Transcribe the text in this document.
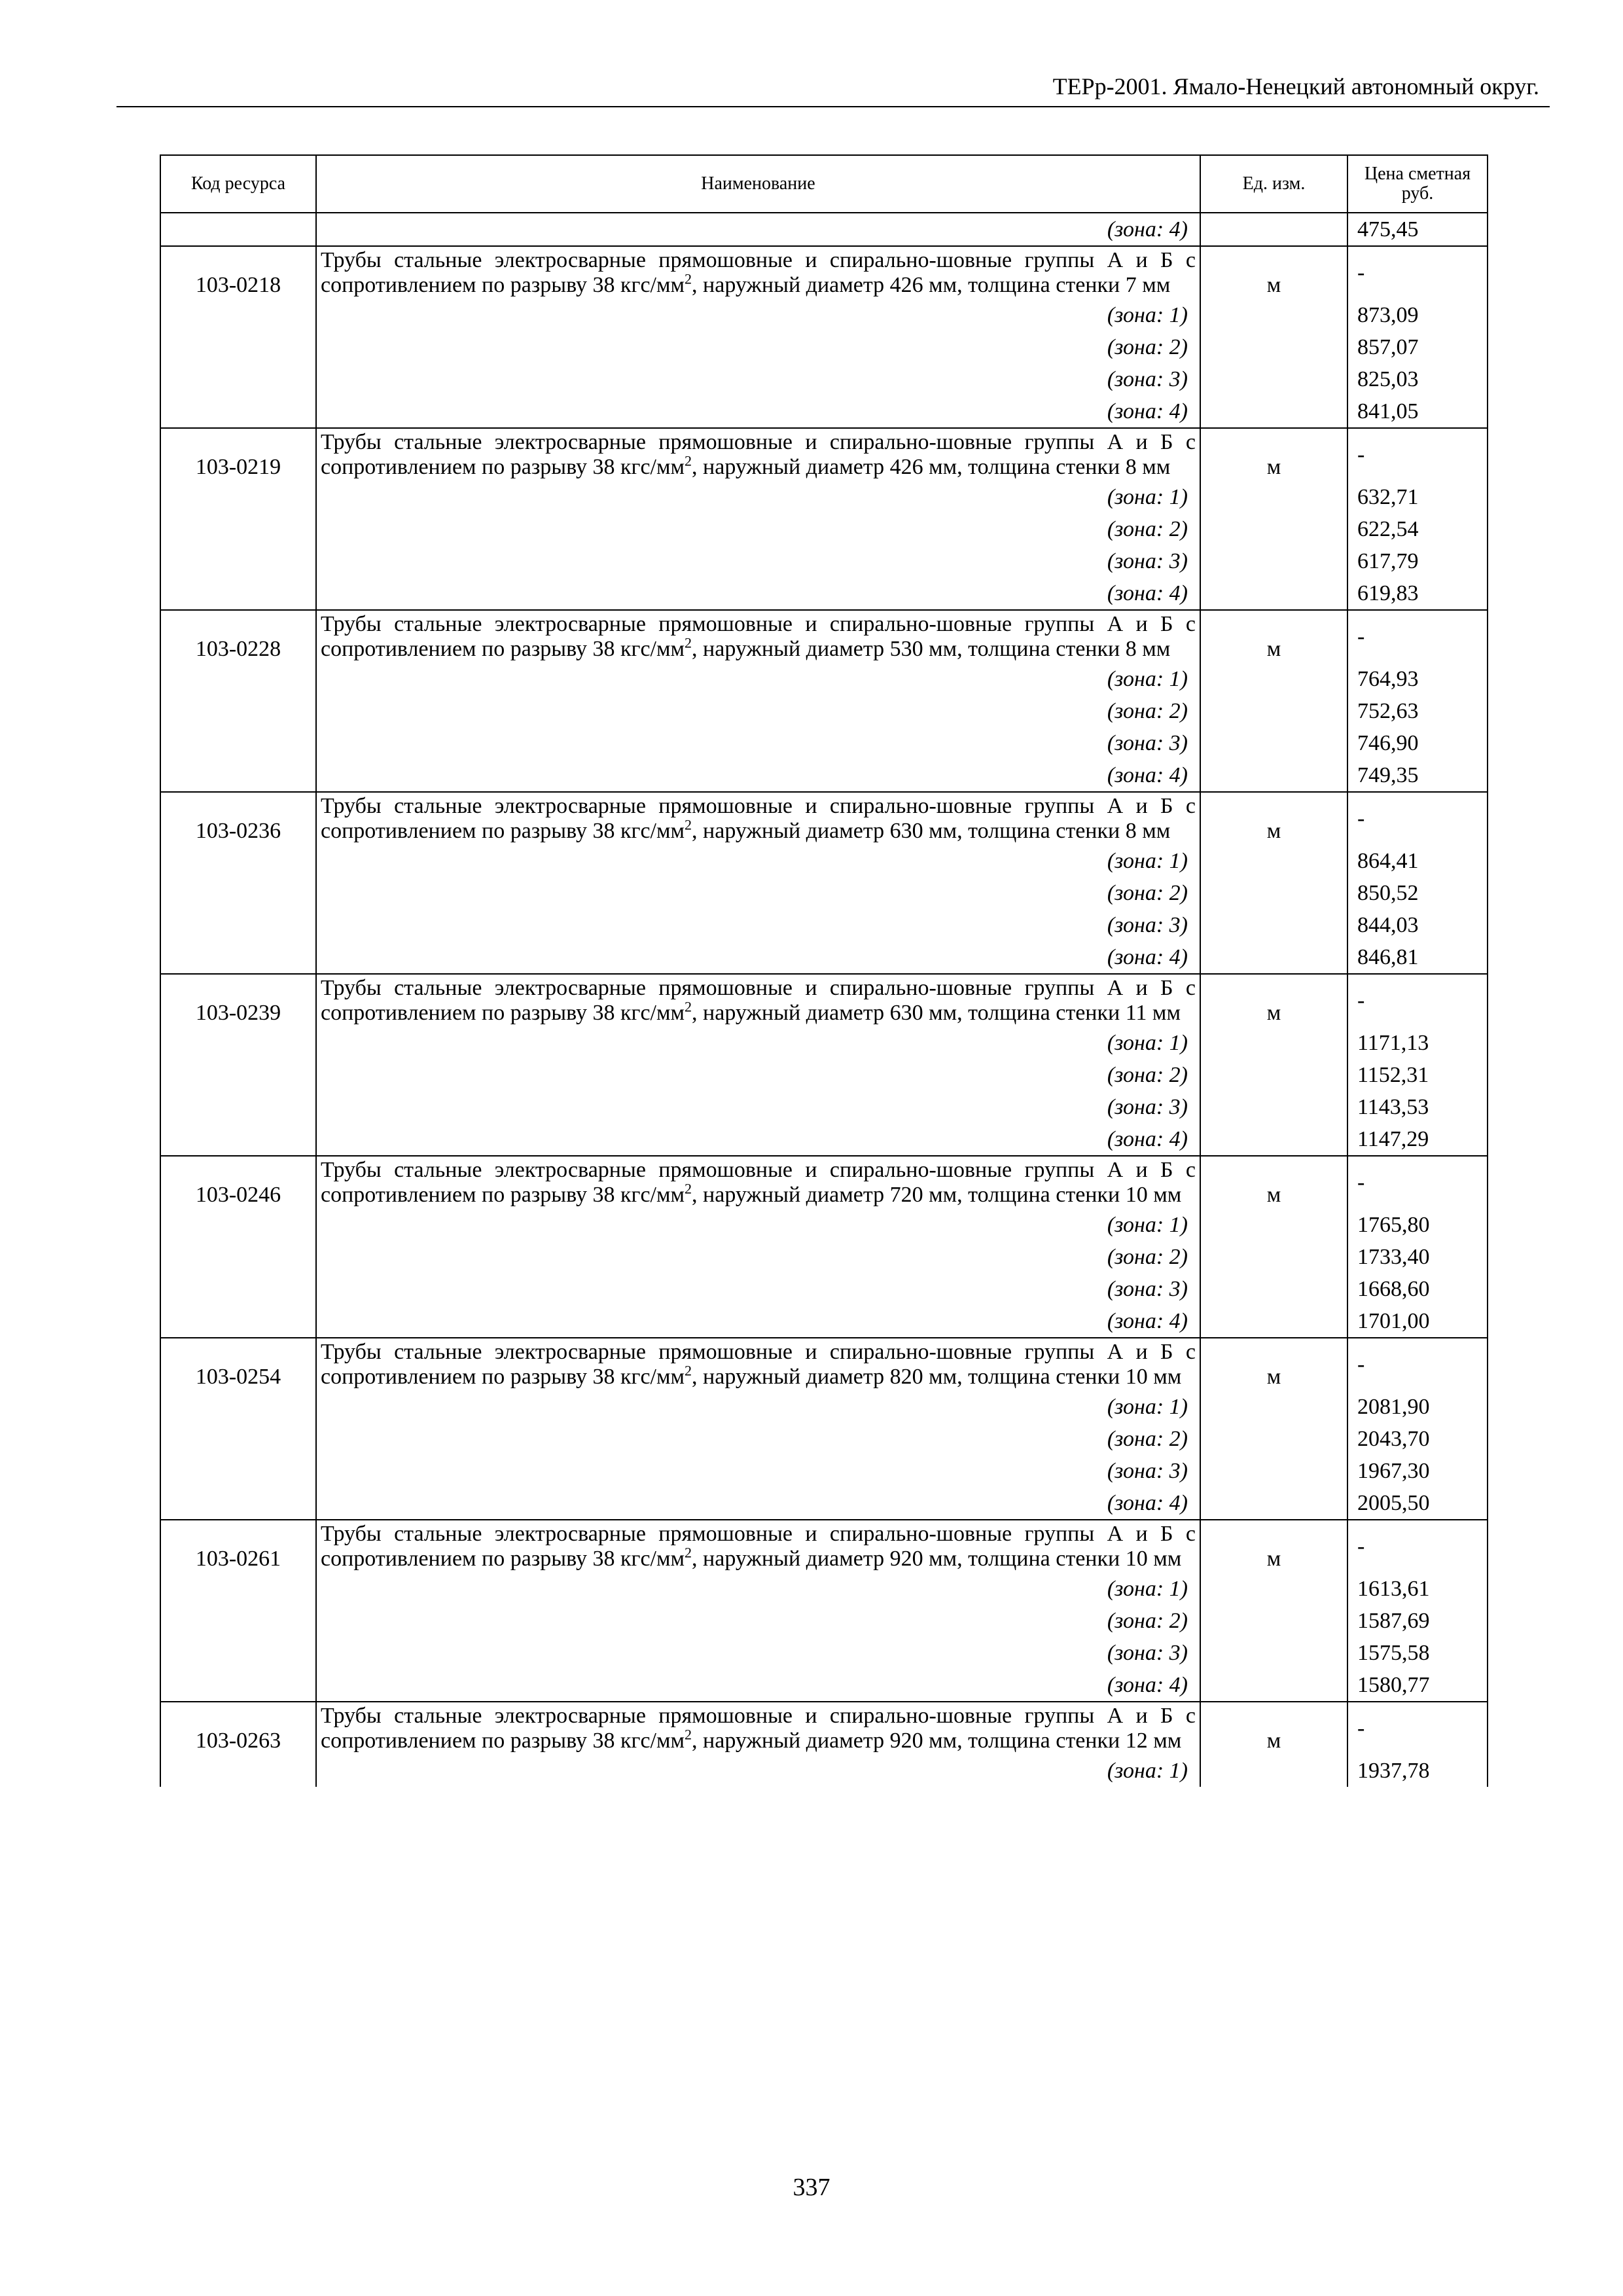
ТЕРр-2001. Ямало-Ненецкий автономный округ.
Код ресурса	Наименование	Ед. изм.	Цена сметная руб.
	(зона: 4)		475,45
103-0218	Трубы стальные электросварные прямошовные и спирально-шовные группы А и Б с сопротивлением по разрыву 38 кгс/$мм^2$, наружный диаметр 426 мм, толщина стенки 7 мм	м	-
	(зона: 1)		873,09
	(зона: 2)		857,07
	(зона: 3)		825,03
	(зона: 4)		841,05
103-0219	Трубы стальные электросварные прямошовные и спирально-шовные группы А и Б с сопротивлением по разрыву 38 кгс/$мм^2$, наружный диаметр 426 мм, толщина стенки 8 мм	м	-
	(зона: 1)		632,71
	(зона: 2)		622,54
	(зона: 3)		617,79
	(зона: 4)		619,83
103-0228	Трубы стальные электросварные прямошовные и спирально-шовные группы А и Б с сопротивлением по разрыву 38 кгс/$мм^2$, наружный диаметр 530 мм, толщина стенки 8 мм	м	-
	(зона: 1)		764,93
	(зона: 2)		752,63
	(зона: 3)		746,90
	(зона: 4)		749,35
103-0236	Трубы стальные электросварные прямошовные и спирально-шовные группы А и Б с сопротивлением по разрыву 38 кгс/$мм^2$, наружный диаметр 630 мм, толщина стенки 8 мм	м	-
	(зона: 1)		864,41
	(зона: 2)		850,52
	(зона: 3)		844,03
	(зона: 4)		846,81
103-0239	Трубы стальные электросварные прямошовные и спирально-шовные группы А и Б с сопротивлением по разрыву 38 кгс/$мм^2$, наружный диаметр 630 мм, толщина стенки 11 мм	м	-
	(зона: 1)		1171,13
	(зона: 2)		1152,31
	(зона: 3)		1143,53
	(зона: 4)		1147,29
103-0246	Трубы стальные электросварные прямошовные и спирально-шовные группы А и Б с сопротивлением по разрыву 38 кгс/$мм^2$, наружный диаметр 720 мм, толщина стенки 10 мм	м	-
	(зона: 1)		1765,80
	(зона: 2)		1733,40
	(зона: 3)		1668,60
	(зона: 4)		1701,00
103-0254	Трубы стальные электросварные прямошовные и спирально-шовные группы А и Б с сопротивлением по разрыву 38 кгс/$мм^2$, наружный диаметр 820 мм, толщина стенки 10 мм	м	-
	(зона: 1)		2081,90
	(зона: 2)		2043,70
	(зона: 3)		1967,30
	(зона: 4)		2005,50
103-0261	Трубы стальные электросварные прямошовные и спирально-шовные группы А и Б с сопротивлением по разрыву 38 кгс/$мм^2$, наружный диаметр 920 мм, толщина стенки 10 мм	м	-
	(зона: 1)		1613,61
	(зона: 2)		1587,69
	(зона: 3)		1575,58
	(зона: 4)		1580,77
103-0263	Трубы стальные электросварные прямошовные и спирально-шовные группы А и Б с сопротивлением по разрыву 38 кгс/$мм^2$, наружный диаметр 920 мм, толщина стенки 12 мм	м	-
	(зона: 1)		1937,78
337
